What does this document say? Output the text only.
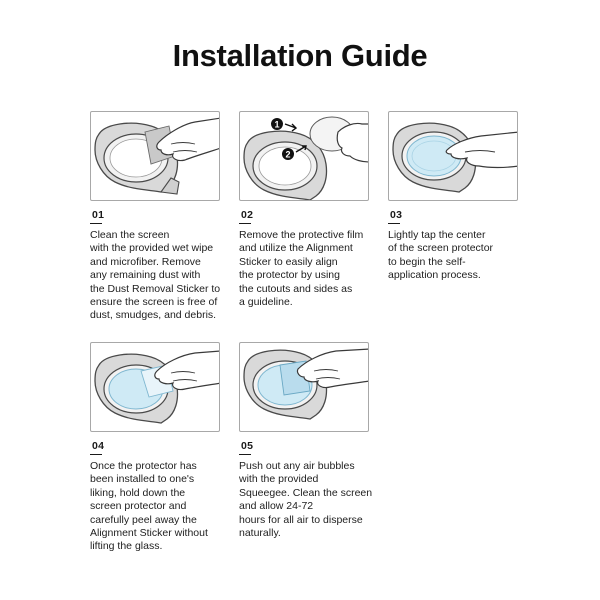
Installation Guide
01
Clean the screen
with the provided wet wipe
and microfiber. Remove
any remaining dust with
the Dust Removal Sticker to
ensure the screen is free of
dust, smudges, and debris.
1
2
02
Remove the protective film
and utilize the Alignment
Sticker to easily align
the protector by using
the cutouts and sides as
a guideline.
03
Lightly tap the center
of the screen protector
to begin the self-
application process.
04
Once the protector has
been installed to one's
liking, hold down the
screen protector and
carefully peel away the
Alignment Sticker without
lifting the glass.
05
Push out any air bubbles
with the provided
Squeegee. Clean the screen
and allow 24-72
hours for all air to disperse
naturally.
